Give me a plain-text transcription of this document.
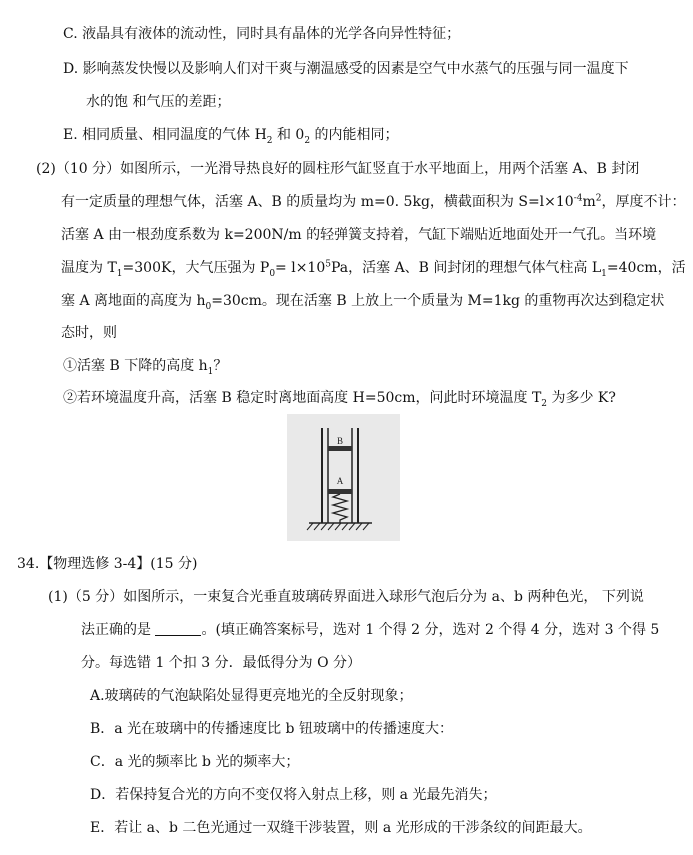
C. 液晶具有液体的流动性，同时具有晶体的光学各向异性特征；
D. 影响蒸发快慢以及影响人们对干爽与潮温感受的因素是空气中水蒸气的压强与同一温度下
水的饱 和气压的差距；
E. 相同质量、相同温度的气体 $H_2$ 和 $0_2$ 的内能相同；
(2)（10 分）如图所示，一光滑导热良好的圆柱形气缸竖直于水平地面上，用两个活塞 A、B 封闭
有一定质量的理想气体，活塞 A、B 的质量均为 m=0. 5kg，横截面积为 $S=l\times 10^{-4}m^2$，厚度不计：
活塞 A 由一根劲度系数为 k=200N/m 的轻弹簧支持着，气缸下端贴近地面处开一气孔。当环境
温度为 $T_1=300K$，大气压强为 $P_0= l\times 10^5Pa$，活塞 A、B 间封闭的理想气体气柱高 $L_1=40cm$，活
塞 A 离地面的高度为 $h_0=30cm$。现在活塞 B 上放上一个质量为 M=1kg 的重物再次达到稳定状
态时，则
①活塞 B 下降的高度 $h_1$？
②若环境温度升高，活塞 B 稳定时离地面高度 H=50cm，问此时环境温度 $T_2$ 为多少 K?
B
A
34.【物理选修 3-4】(15 分)
(1)（5 分）如图所示，一束复合光垂直玻璃砖界面进入球形气泡后分为 a、b 两种色光， 下列说
法正确的是	。(填正确答案标号，选对 1 个得 2 分，选对 2 个得 4 分，选对 3 个得 5
分。每选错 1 个扣 3 分．最低得分为 O 分）
A.玻璃砖的气泡缺陷处显得更亮地光的全反射现象；
B．a 光在玻璃中的传播速度比 b 钮玻璃中的传播速度大：
C．a 光的频率比 b 光的频率大；
D．若保持复合光的方向不变仅将入射点上移，则 a 光最先消失；
E．若让 a、b 二色光通过一双缝干涉装置，则 a 光形成的干涉条纹的间距最大。
